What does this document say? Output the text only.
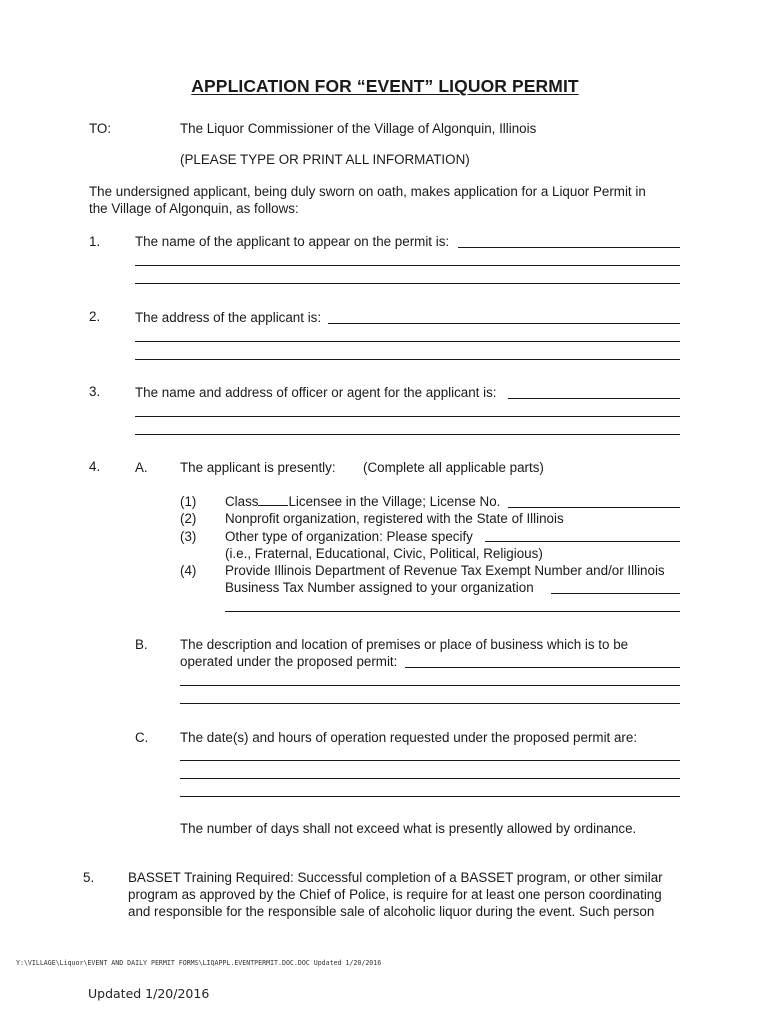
APPLICATION FOR “EVENT” LIQUOR PERMIT
TO:	The Liquor Commissioner of the Village of Algonquin, Illinois
(PLEASE TYPE OR PRINT ALL INFORMATION)
The undersigned applicant, being duly sworn on oath, makes application for a Liquor Permit in
the Village of Algonquin, as follows:
1.	The name of the applicant to appear on the permit is:
2.	The address of the applicant is:
3.	The name and address of officer or agent for the applicant is:
4.	A. The applicant is presently: (Complete all applicable parts)
(1) Class Licensee in the Village; License No.
(2) Nonprofit organization, registered with the State of Illinois
(3) Other type of organization: Please specify
(i.e., Fraternal, Educational, Civic, Political, Religious)
(4) Provide Illinois Department of Revenue Tax Exempt Number and/or Illinois
Business Tax Number assigned to your organization
B. The description and location of premises or place of business which is to be
operated under the proposed permit:
C. The date(s) and hours of operation requested under the proposed permit are:
The number of days shall not exceed what is presently allowed by ordinance.
5.	BASSET Training Required: Successful completion of a BASSET program, or other similar
program as approved by the Chief of Police, is require for at least one person coordinating
and responsible for the responsible sale of alcoholic liquor during the event. Such person
Y:\VILLAGE\Liquor\EVENT AND DAILY PERMIT FORMS\LIQAPPL.EVENTPERMIT.DOC.DOC Updated 1/20/2016
Updated 1/20/2016
